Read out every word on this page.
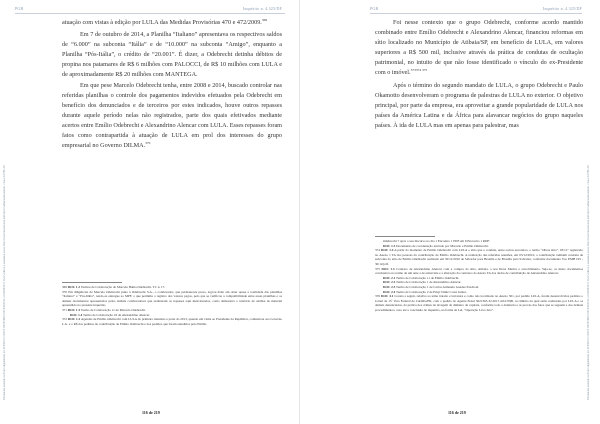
PGR	Inquérito n. 4.325/DF
Documento assinado via Token digitalmente por RODRIGO JANOT MONTEIRO DE BARROS, em 26/06/2017. Para verificar a assinatura acesse http://www.transparencia.mpf.mp.br/validacaodocumento. Chave A1E5B1A6

atuação com vistas à edição por LULA das Medidas Provisórias 470 e 472/2009.$^{369}$

Em 7 de outubro de 2014, a Planilha “Italiano” apresentava os respectivos saldos de “6.000” na subconta “Itália” e de “10.000” na subconta “Amigo”, enquanto a Planilha “Pós-Itália”, o crédito de “20.001”. É dizer, a Odebrecht detinha débitos de propina nos patamares de R$ 6 milhões com PALOCCI, de R$ 10 milhões com LULA e de aproximadamente R$ 20 milhões com MANTEGA.

Em que pese Marcelo Odebrecht tenha, entre 2008 e 2014, buscado controlar nas referidas planilhas o controle dos pagamentos indevidos efetuados pela Odebrecht em benefício dos denunciados e de terceiros por estes indicados, houve outros repasses durante aquele período nelas não registrados, parte dos quais efetivados mediante acertos entre Emílio Odebrecht e Alexandrino Alencar com LULA. Esses repasses foram fatos como contrapartida à atuação de LULA em prol dos interesses do grupo empresarial no Governo DILMA.$^{370}$

369 DOC 1.2 Termos de Colaboração do Marcelo Bahia Odebrecht. TC n. 17.
370 Em diligências de Marcelo Odebrecht junto à Odebrecht S.A., o colaborador, que permaneceu preso, logrou êxito em obter quase a totalidade das planilhas “Italiano” e “Pós-Itália”, tendo-as entregue ao MPF, o que permitiu o registro dos valores pagos, pelo que se verificou a compatibilidade entre essas planilhas e os demais documentos apresentados pelos demais colaboradores que realizaram os repasses aqui mencionados, como demonstra o relatório de análise de material apreendido no presente inquérito.
371 DOC 1.3 Termo de Colaboração 11 de Marcelo Odebrecht.
DOC 1.4 Termo de Colaboração 16 de Alexandrino Alencar.
372 DOC 1.2 Agendas de Emílio Odebrecht com LULA do primeiro mandato e parte do 2013, quando em visita ao Presidente da República, comunicou aos Governo L.G. e o R$ dos pedidos de contribuição de Emílio Odebrecht e dos pedidos que foram atendidos pelo Emílio.
116 de 219
PGR	Inquérito n. 4.325/DF
Documento assinado via Token digitalmente por RODRIGO JANOT MONTEIRO DE BARROS, em 26/06/2017. Para verificar a assinatura acesse http://www.transparencia.mpf.mp.br/validacaodocumento. Chave A1E5B1A6

Foi nesse contexto que o grupo Odebrecht, conforme acordo mantido combinado entre Emílio Odebrecht e Alexandrino Alencar, financiou reformas em sítio localizado no Município de Atibaia/SP, em benefício de LULA, em valores superiores a R$ 500 mil, inclusive através da prática de condutas de ocultação patrimonial, no intuito de que não fosse identificado o vínculo do ex-Presidente com o imóvel.$^{373374 375}$

Após o término do segundo mandato de LULA, o grupo Odebrecht e Paulo Okamotto desenvolveram o programa de palestras de LULA no exterior. O objetivo principal, por parte da empresa, era aproveitar a grande popularidade de LULA nos países da América Latina e da África para alavancar negócios do grupo naqueles países. À ida de LULA mas em apenas para palestrar, mas

Odebrecht 7 após o seu discurso no dia 1 Encontro 1 PDF em 6 Encontro 1 RDF.
DOC 1.3 Documento de coordenação enviado por Marcelo e Emílio Odebrecht.
374 DOC 1.4 A partir do momento de Emílio Odebrecht com LULA o sítio que a conduta, entre outros encontros, o termo “Obras sítio”, 03/11” registrado no Anexo 1 TA dos pessoas da contribuição de Emílio Odebrecht. A realização das referidas reuniões, em 03/12/2010, a contribuição também contraiu da subconta do sítio de Emílio Odebrecht realizado em 30/12/2010 de Salvador para Brasília e de Brasília para Salvador, conforme documento Voo EMB 195 - 30/12/pdf.
375 DOC 1.3 Contrato de Alexandrino Alencar com a compra do sítio, Atibaia, a seu Dona Marisa e envolvimento. Veja-se, os meus documentos conclusivos no termo de um ante a de entrevista e a alteração da contratos do Anexo TA dos dados de contribuição de Alexandrino Alencar.
DOC 2.1 Termo de Colaboração 11 de Emílio Odebrecht.
DOC 2.2 Termo de Colaboração 1 de Alexandrino Alencar.
DOC 2.3 Termo de Colaboração 1 de Carlos Armando Guedes Paschoal.
DOC 2.4 Termo de Colaboração 2 de Emyr Diniz Costa Junior.
376 DOC 4.1 Consta a seguir, relativa ao tema tratado e lavratura e como tais localizado no Anexo 501, por pedido LULA, foram desenvolvidos pedidos o Jornal de 15º Vara Federal de Curitiba/PR, com o pedido do Agente Penal 5021365-32.2017.4.04.7000, no âmbito da qual estão realizadas por LULA e os demais denunciados, da prática dos crimes de lavagem de dinheiro de capitais, conforme todo a denúncia e as provas dos fatos que se seguem e dos demais procedimentos, caso até a conclusão do inquérito, na forma de Lei, “Operação Lava Jato”.
116 de 219
